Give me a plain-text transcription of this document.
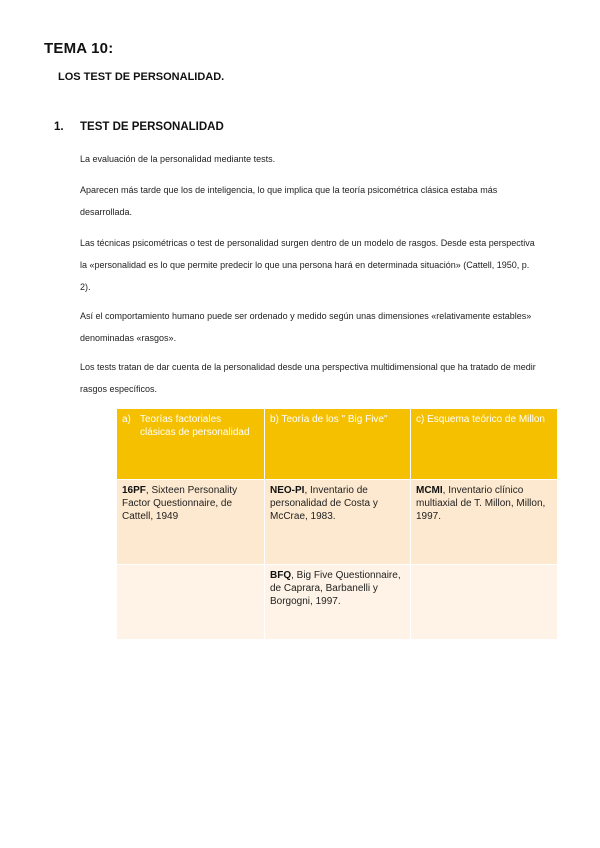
TEMA 10:
LOS TEST DE PERSONALIDAD.
1. TEST DE PERSONALIDAD
La evaluación de la personalidad mediante tests.
Aparecen más tarde que los de inteligencia, lo que implica que la teoría psicométrica clásica estaba más desarrollada.
Las técnicas psicométricas o test de personalidad surgen dentro de un modelo de rasgos. Desde esta perspectiva la «personalidad es lo que permite predecir lo que una persona hará en determinada situación» (Cattell, 1950, p. 2).
Así el comportamiento humano puede ser ordenado y medido según unas dimensiones «relativamente estables» denominadas «rasgos».
Los tests tratan de dar cuenta de la personalidad desde una perspectiva multidimensional que ha tratado de medir rasgos específicos.
a) Teorías factoriales clásicas de personalidad	b) Teoría de los " Big Five"	c) Esquema teórico de Millon
16PF, Sixteen Personality Factor Questionnaire, de Cattell, 1949	NEO-PI, Inventario de personalidad de Costa y McCrae, 1983.	MCMI, Inventario clínico multiaxial de T. Millon, Millon, 1997.
	BFQ, Big Five Questionnaire, de Caprara, Barbanelli y Borgogni, 1997.	
